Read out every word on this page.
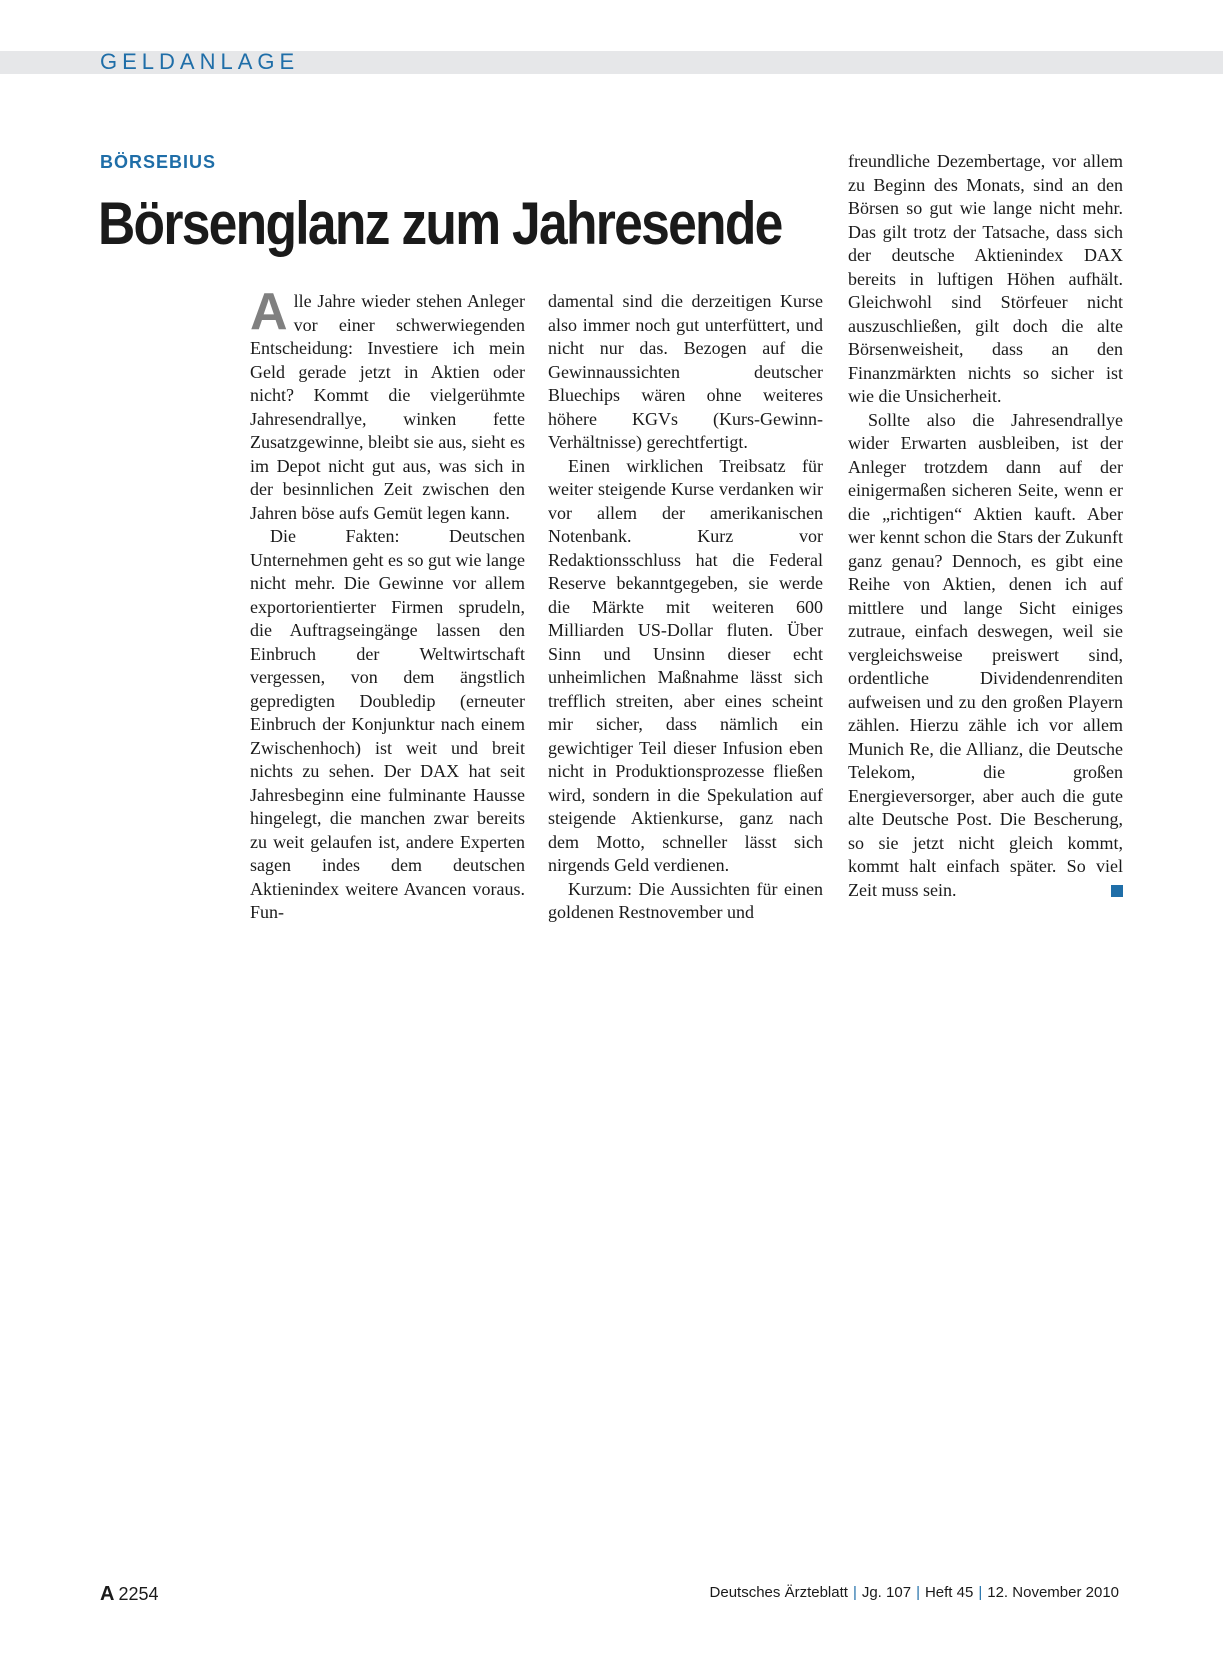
GELDANLAGE
BÖRSEBIUS
Börsenglanz zum Jahresende

Alle Jahre wieder stehen Anleger vor einer schwerwiegenden Entscheidung: Investiere ich mein Geld gerade jetzt in Aktien oder nicht? Kommt die vielgerühmte Jahresendrallye, winken fette Zusatzgewinne, bleibt sie aus, sieht es im Depot nicht gut aus, was sich in der besinnlichen Zeit zwischen den Jahren böse aufs Gemüt legen kann.

Die Fakten: Deutschen Unternehmen geht es so gut wie lange nicht mehr. Die Gewinne vor allem exportorientierter Firmen sprudeln, die Auftragseingänge lassen den Einbruch der Weltwirtschaft vergessen, von dem ängstlich gepredigten Doubledip (erneuter Einbruch der Konjunktur nach einem Zwischenhoch) ist weit und breit nichts zu sehen. Der DAX hat seit Jahresbeginn eine fulminante Hausse hingelegt, die manchen zwar bereits zu weit gelaufen ist, andere Experten sagen indes dem deutschen Aktienindex weitere Avancen voraus. Fun-

damental sind die derzeitigen Kurse also immer noch gut unterfüttert, und nicht nur das. Bezogen auf die Gewinnaussichten deutscher Bluechips wären ohne weiteres höhere KGVs (Kurs-Gewinn-Verhältnisse) gerechtfertigt.

Einen wirklichen Treibsatz für weiter steigende Kurse verdanken wir vor allem der amerikanischen Notenbank. Kurz vor Redaktionsschluss hat die Federal Reserve bekanntgegeben, sie werde die Märkte mit weiteren 600 Milliarden US-Dollar fluten. Über Sinn und Unsinn dieser echt unheimlichen Maßnahme lässt sich trefflich streiten, aber eines scheint mir sicher, dass nämlich ein gewichtiger Teil dieser Infusion eben nicht in Produktionsprozesse fließen wird, sondern in die Spekulation auf steigende Aktienkurse, ganz nach dem Motto, schneller lässt sich nirgends Geld verdienen.

Kurzum: Die Aussichten für einen goldenen Restnovember und

freundliche Dezembertage, vor allem zu Beginn des Monats, sind an den Börsen so gut wie lange nicht mehr. Das gilt trotz der Tatsache, dass sich der deutsche Aktienindex DAX bereits in luftigen Höhen aufhält. Gleichwohl sind Störfeuer nicht auszuschließen, gilt doch die alte Börsenweisheit, dass an den Finanzmärkten nichts so sicher ist wie die Unsicherheit.

Sollte also die Jahresendrallye wider Erwarten ausbleiben, ist der Anleger trotzdem dann auf der einigermaßen sicheren Seite, wenn er die „richtigen“ Aktien kauft. Aber wer kennt schon die Stars der Zukunft ganz genau? Dennoch, es gibt eine Reihe von Aktien, denen ich auf mittlere und lange Sicht einiges zutraue, einfach deswegen, weil sie vergleichsweise preiswert sind, ordentliche Dividendenrenditen aufweisen und zu den großen Playern zählen. Hierzu zähle ich vor allem Munich Re, die Allianz, die Deutsche Telekom, die großen Energieversorger, aber auch die gute alte Deutsche Post. Die Bescherung, so sie jetzt nicht gleich kommt, kommt halt einfach später. So viel Zeit muss sein.

A 2254	Deutsches Ärzteblatt | Jg. 107 | Heft 45 | 12. November 2010
